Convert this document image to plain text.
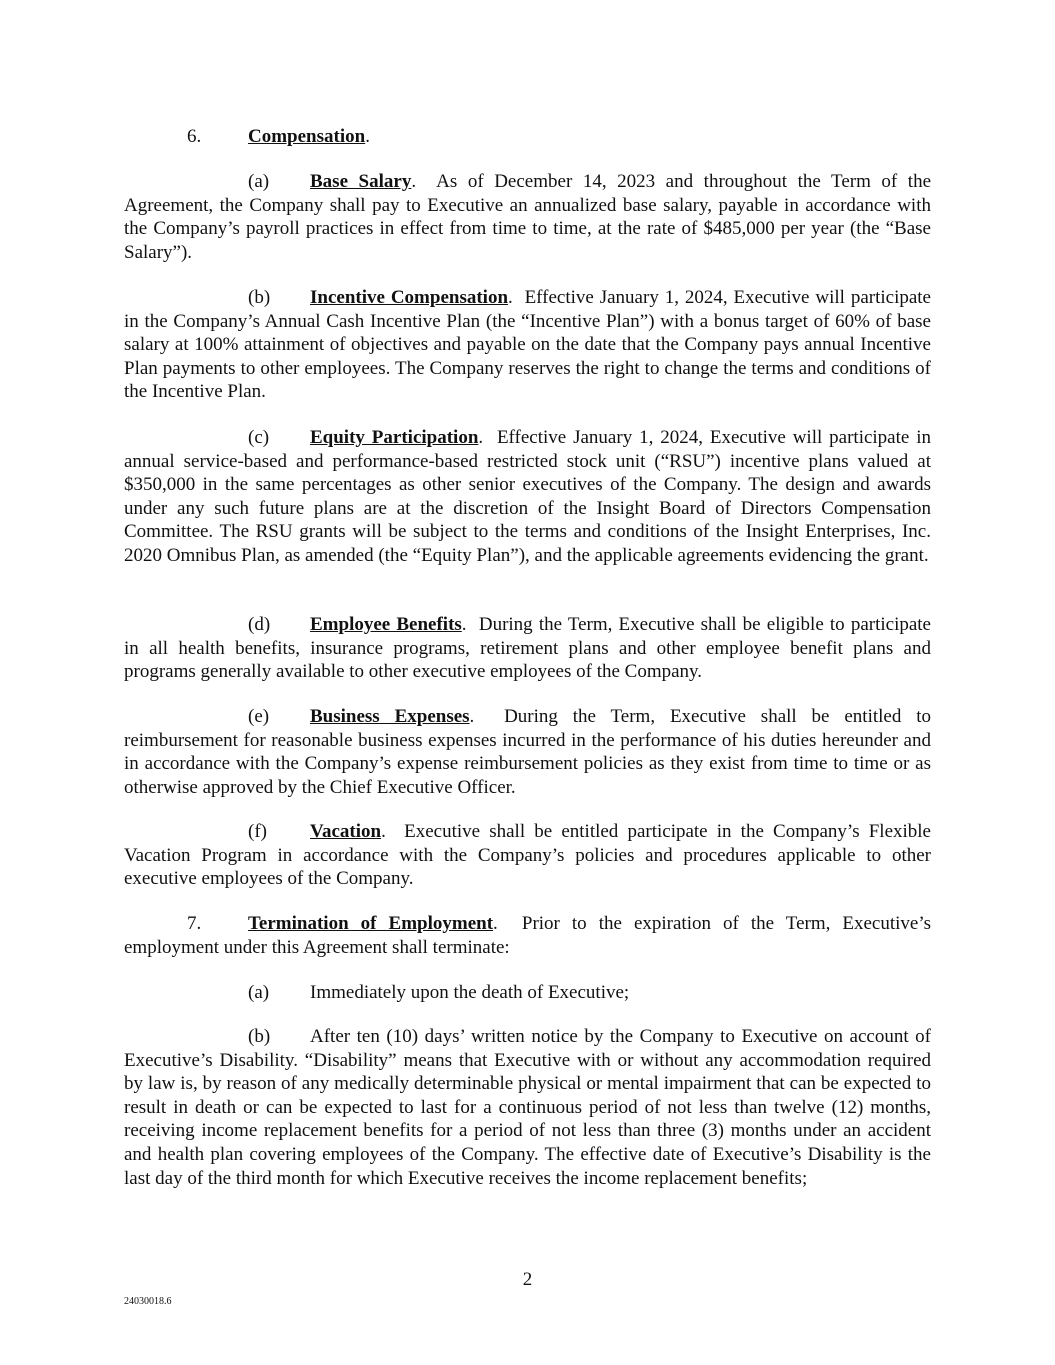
6. Compensation.

(a) Base Salary. As of December 14, 2023 and throughout the Term of the Agreement, the Company shall pay to Executive an annualized base salary, payable in accordance with the Company’s payroll practices in effect from time to time, at the rate of $485,000 per year (the “Base Salary”).

(b) Incentive Compensation. Effective January 1, 2024, Executive will participate in the Company’s Annual Cash Incentive Plan (the “Incentive Plan”) with a bonus target of 60% of base salary at 100% attainment of objectives and payable on the date that the Company pays annual Incentive Plan payments to other employees. The Company reserves the right to change the terms and conditions of the Incentive Plan.

(c) Equity Participation. Effective January 1, 2024, Executive will participate in annual service-based and performance-based restricted stock unit (“RSU”) incentive plans valued at $350,000 in the same percentages as other senior executives of the Company. The design and awards under any such future plans are at the discretion of the Insight Board of Directors Compensation Committee. The RSU grants will be subject to the terms and conditions of the Insight Enterprises, Inc. 2020 Omnibus Plan, as amended (the “Equity Plan”), and the applicable agreements evidencing the grant.

(d) Employee Benefits. During the Term, Executive shall be eligible to participate in all health benefits, insurance programs, retirement plans and other employee benefit plans and programs generally available to other executive employees of the Company.

(e) Business Expenses. During the Term, Executive shall be entitled to reimbursement for reasonable business expenses incurred in the performance of his duties hereunder and in accordance with the Company’s expense reimbursement policies as they exist from time to time or as otherwise approved by the Chief Executive Officer.

(f) Vacation. Executive shall be entitled participate in the Company’s Flexible Vacation Program in accordance with the Company’s policies and procedures applicable to other executive employees of the Company.

7. Termination of Employment. Prior to the expiration of the Term, Executive’s employment under this Agreement shall terminate:

(a) Immediately upon the death of Executive;

(b) After ten (10) days’ written notice by the Company to Executive on account of Executive’s Disability. “Disability” means that Executive with or without any accommodation required by law is, by reason of any medically determinable physical or mental impairment that can be expected to result in death or can be expected to last for a continuous period of not less than twelve (12) months, receiving income replacement benefits for a period of not less than three (3) months under an accident and health plan covering employees of the Company. The effective date of Executive’s Disability is the last day of the third month for which Executive receives the income replacement benefits;

2
24030018.6
